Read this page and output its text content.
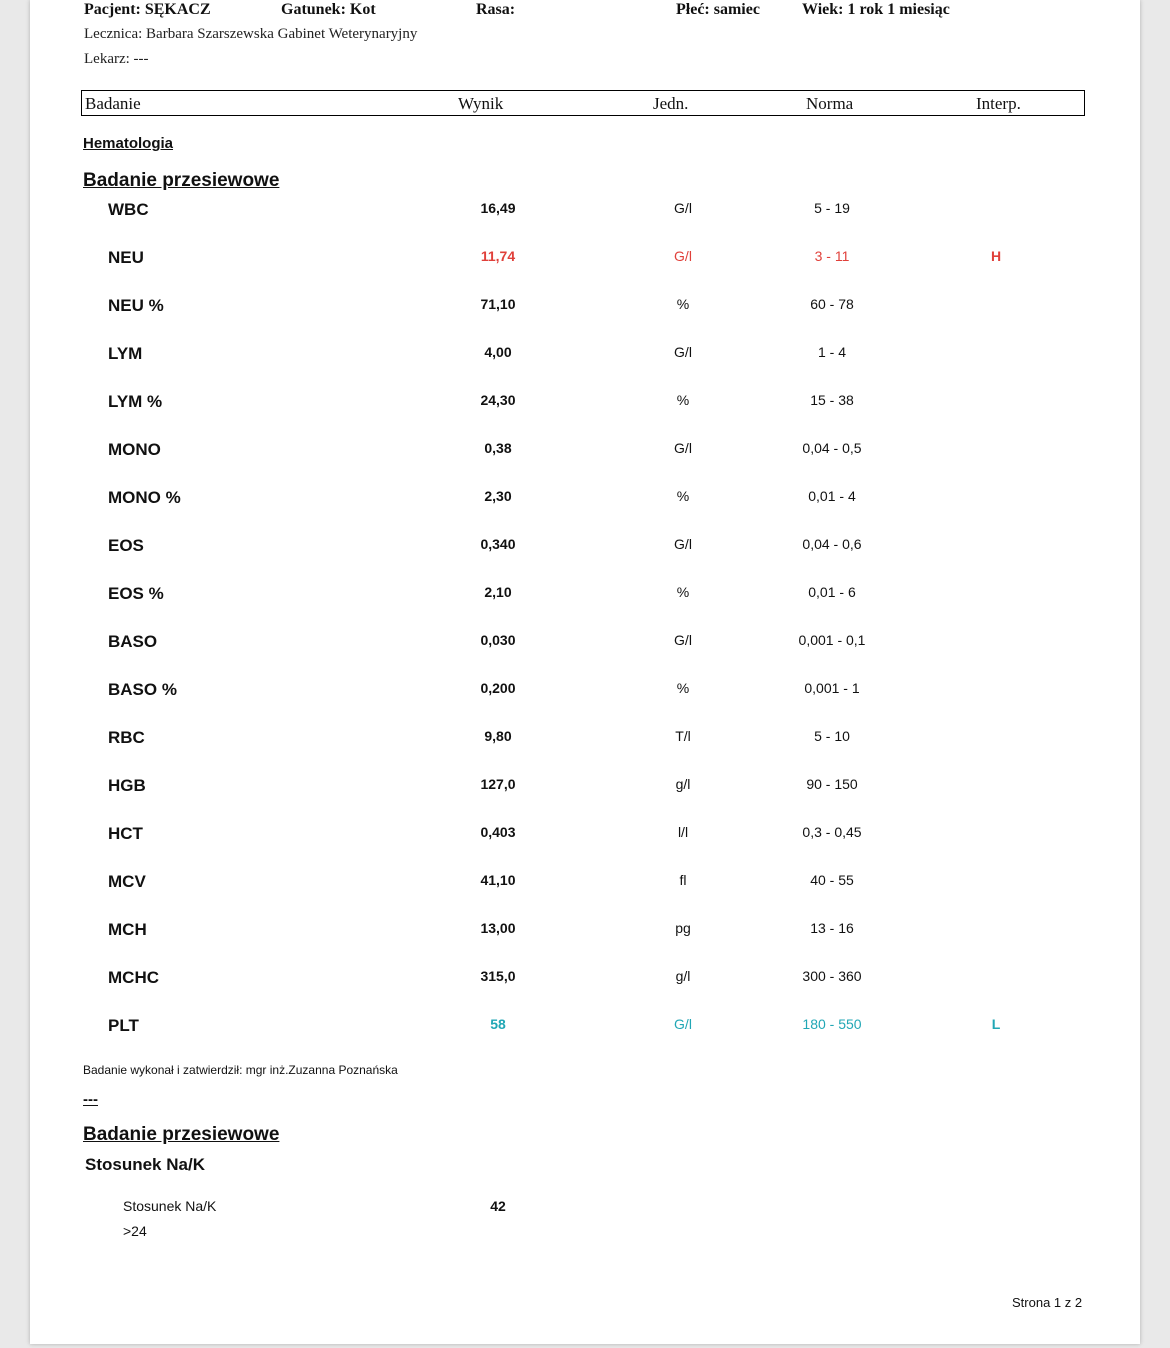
Pacjent: SĘKACZ	Gatunek: Kot	Rasa:	Płeć: samiec	Wiek: 1 rok 1 miesiąc
Lecznica: Barbara Szarszewska Gabinet Weterynaryjny
Lekarz: ---
Badanie	Wynik	Jedn.	Norma	Interp.
Hematologia
Badanie przesiewowe
WBC	16,49	G/l	5 - 19
NEU	11,74	G/l	3 - 11	H
NEU %	71,10	%	60 - 78
LYM	4,00	G/l	1 - 4
LYM %	24,30	%	15 - 38
MONO	0,38	G/l	0,04 - 0,5
MONO %	2,30	%	0,01 - 4
EOS	0,340	G/l	0,04 - 0,6
EOS %	2,10	%	0,01 - 6
BASO	0,030	G/l	0,001 - 0,1
BASO %	0,200	%	0,001 - 1
RBC	9,80	T/l	5 - 10
HGB	127,0	g/l	90 - 150
HCT	0,403	l/l	0,3 - 0,45
MCV	41,10	fl	40 - 55
MCH	13,00	pg	13 - 16
MCHC	315,0	g/l	300 - 360
PLT	58	G/l	180 - 550	L
Badanie wykonał i zatwierdził: mgr inż.Zuzanna Poznańska
---
Badanie przesiewowe
Stosunek Na/K
Stosunek Na/K	42
>24
Strona 1 z 2
